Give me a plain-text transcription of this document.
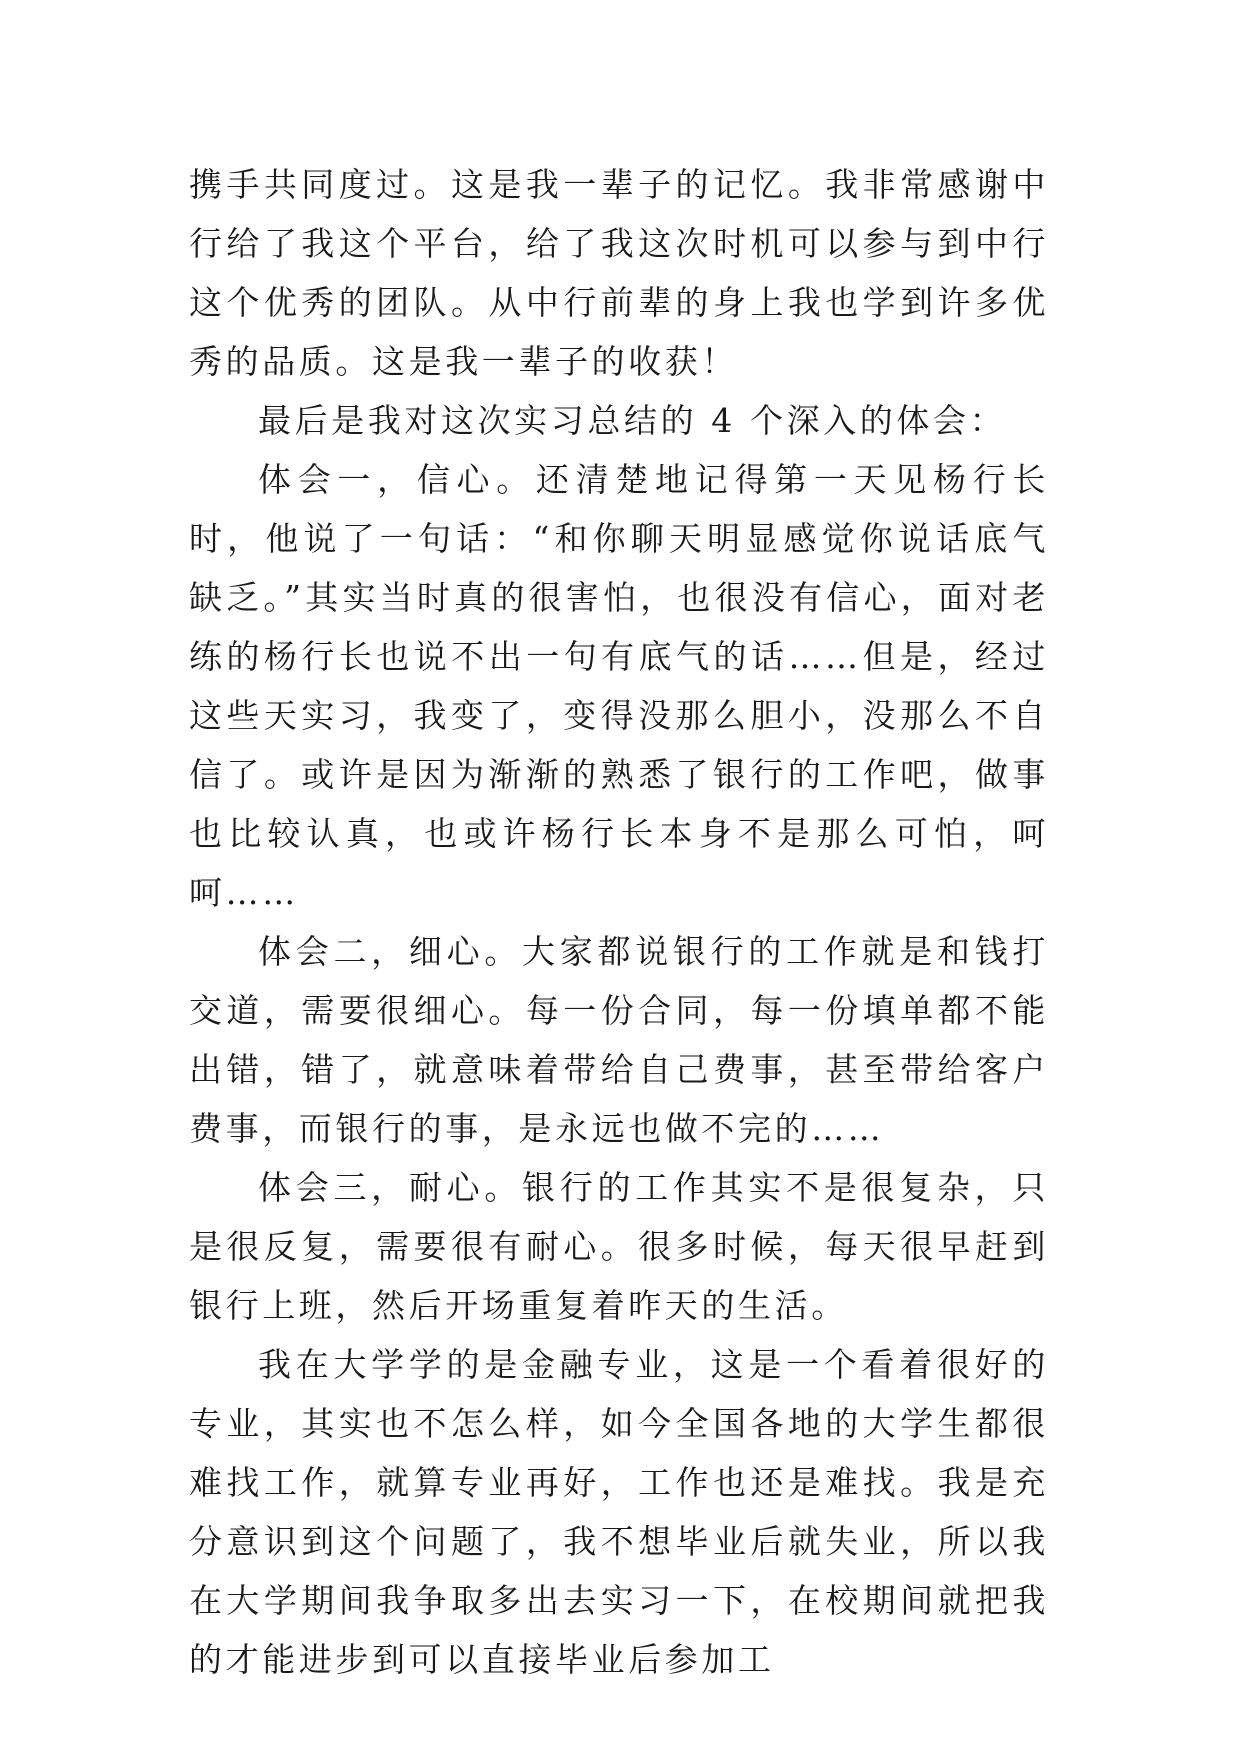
携手共同度过。这是我一辈子的记忆。我非常感谢中行给了我这个平台，给了我这次时机可以参与到中行这个优秀的团队。从中行前辈的身上我也学到许多优秀的品质。这是我一辈子的收获！

最后是我对这次实习总结的 4 个深入的体会：

体会一，信心。还清楚地记得第一天见杨行长时，他说了一句话：“和你聊天明显感觉你说话底气缺乏。”其实当时真的很害怕，也很没有信心，面对老练的杨行长也说不出一句有底气的话……但是，经过这些天实习，我变了，变得没那么胆小，没那么不自信了。或许是因为渐渐的熟悉了银行的工作吧，做事也比较认真，也或许杨行长本身不是那么可怕，呵呵……

体会二，细心。大家都说银行的工作就是和钱打交道，需要很细心。每一份合同，每一份填单都不能出错，错了，就意味着带给自己费事，甚至带给客户费事，而银行的事，是永远也做不完的……

体会三，耐心。银行的工作其实不是很复杂，只是很反复，需要很有耐心。很多时候，每天很早赶到银行上班，然后开场重复着昨天的生活。

我在大学学的是金融专业，这是一个看着很好的专业，其实也不怎么样，如今全国各地的大学生都很难找工作，就算专业再好，工作也还是难找。我是充分意识到这个问题了，我不想毕业后就失业，所以我在大学期间我争取多出去实习一下，在校期间就把我的才能进步到可以直接毕业后参加工
